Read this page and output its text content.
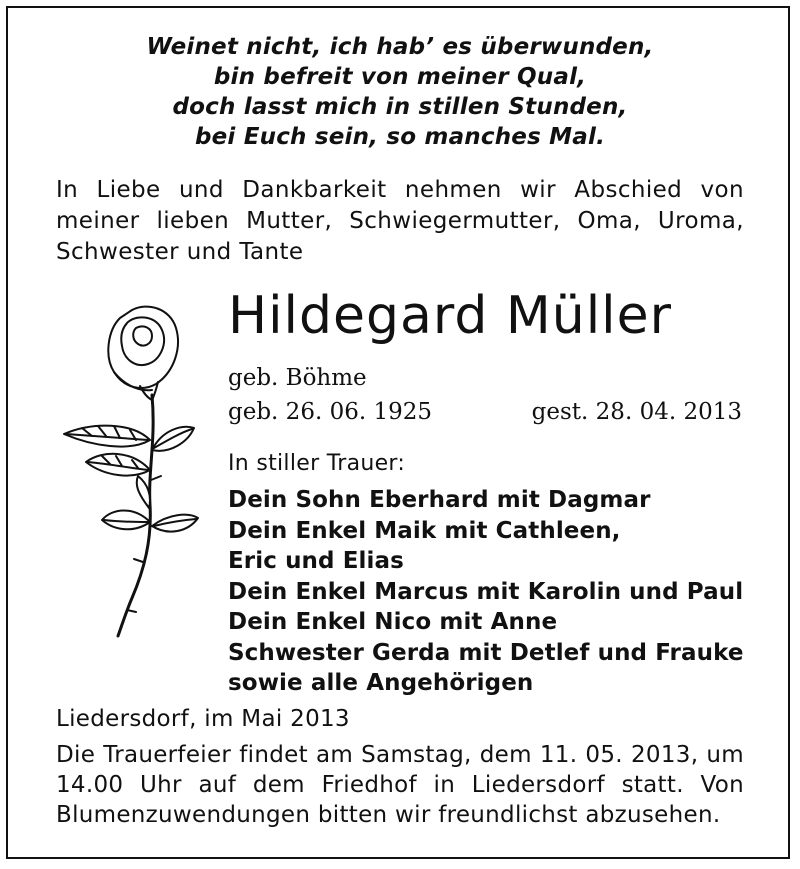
Weinet nicht, ich hab’ es überwunden,
bin befreit von meiner Qual,
doch lasst mich in stillen Stunden,
bei Euch sein, so manches Mal.
In Liebe und Dankbarkeit nehmen wir Abschied von
meiner lieben Mutter, Schwiegermutter, Oma, Uroma,
Schwester und Tante
Hildegard Müller
geb. Böhme
geb. 26. 06. 1925	gest. 28. 04. 2013
In stiller Trauer:
Dein Sohn Eberhard mit Dagmar
Dein Enkel Maik mit Cathleen,
Eric und Elias
Dein Enkel Marcus mit Karolin und Paul
Dein Enkel Nico mit Anne
Schwester Gerda mit Detlef und Frauke
sowie alle Angehörigen
Liedersdorf, im Mai 2013
Die Trauerfeier findet am Samstag, dem 11. 05. 2013, um
14.00 Uhr auf dem Friedhof in Liedersdorf statt. Von
Blumenzuwendungen bitten wir freundlichst abzusehen.
